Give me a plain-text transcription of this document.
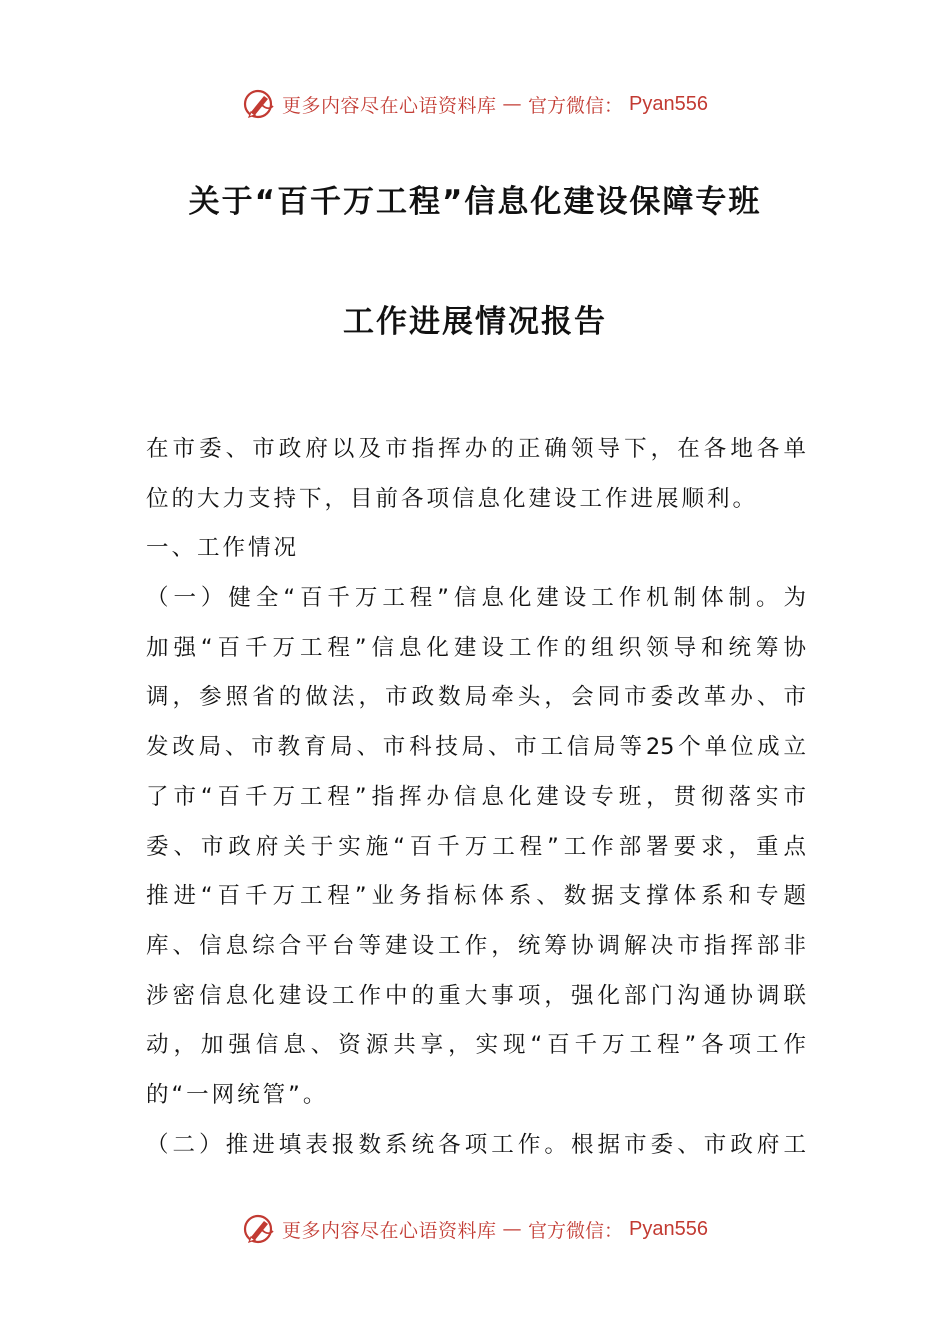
更多内容尽在心语资料库 — 官方微信： Pyan556
关于“百千万工程”信息化建设保障专班
工作进展情况报告
在市委、市政府以及市指挥办的正确领导下，在各地各单
位的大力支持下，目前各项信息化建设工作进展顺利。
一、工作情况
（一）健全“百千万工程”信息化建设工作机制体制。为
加强“百千万工程”信息化建设工作的组织领导和统筹协
调，参照省的做法，市政数局牵头，会同市委改革办、市
发改局、市教育局、市科技局、市工信局等25个单位成立
了市“百千万工程”指挥办信息化建设专班，贯彻落实市
委、市政府关于实施“百千万工程”工作部署要求，重点
推进“百千万工程”业务指标体系、数据支撑体系和专题
库、信息综合平台等建设工作，统筹协调解决市指挥部非
涉密信息化建设工作中的重大事项，强化部门沟通协调联
动，加强信息、资源共享，实现“百千万工程”各项工作
的“一网统管”。
（二）推进填表报数系统各项工作。根据市委、市政府工
更多内容尽在心语资料库 — 官方微信： Pyan556
